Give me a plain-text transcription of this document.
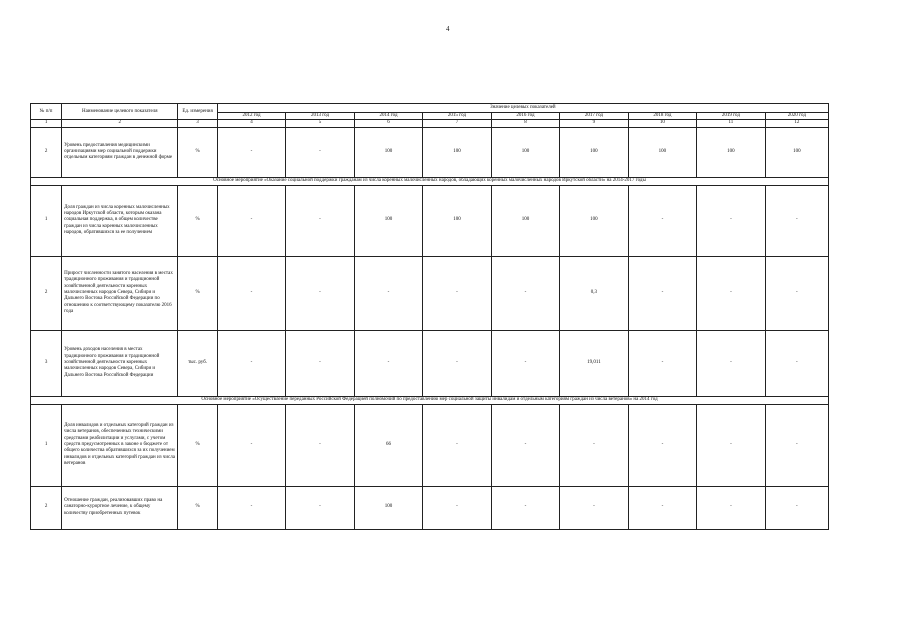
4
№ п/п	Наименование целевого показателя	Ед. измерения	Значение целевых показателей								
			2012 год	2013 год	2014 год	2015 год	2016 год	2017 год	2018 год	2019 год	2020 год
1	2	3	4	5	6	7	8	9	10	11	12
2	Уровень предоставления медицинскими организациями мер социальной поддержки отдельным категориям граждан в денежной форме	%	-	-	100	100	100	100	100	100	100
Основное мероприятие «Оказание социальной поддержки гражданам из числа коренных малочисленных народов, обладающих коренных малочисленных народов Иркутской области» на 2014-2017 годы											
1	Доля граждан из числа коренных малочисленных народов Иркутской области, которым оказана социальная поддержка, в общем количестве граждан из числа коренных малочисленных народов, обратившихся за ее получением	%	-	-	100	100	100	100	-	-	-
2	Прирост численности занятого населения в местах традиционного проживания и традиционной хозяйственной деятельности коренных малочисленных народов Севера, Сибири и Дальнего Востока Российской Федерации по отношению к соответствующему показателю 2016 года	%	-	-	-	-	-	0,3	-	-	-
3	Уровень доходов населения в местах традиционного проживания и традиционной хозяйственной деятельности коренных малочисленных народов Севера, Сибири и Дальнего Востока Российской Федерации	тыс. руб.	-	-	-	-	-	19,011	-	-	-
Основное мероприятие «Осуществление переданных Российской Федерацией полномочий по предоставлению мер социальной защиты инвалидам и отдельным категориям граждан из числа ветеранов» на 2014 год											
1	Доля инвалидов и отдельных категорий граждан из числа ветеранов, обеспеченных техническими средствами реабилитации и услугами, с учетом средств предусмотренных в законе о бюджете от общего количества обратившихся за их получением инвалидов и отдельных категорий граждан из числа ветеранов	%	-	-	66	-	-	-	-	-	-
2	Отношение граждан, реализовавших право на санаторно-курортное лечение, к общему количеству приобретенных путевок	%	-	-	100	-	-	-	-	-	-
